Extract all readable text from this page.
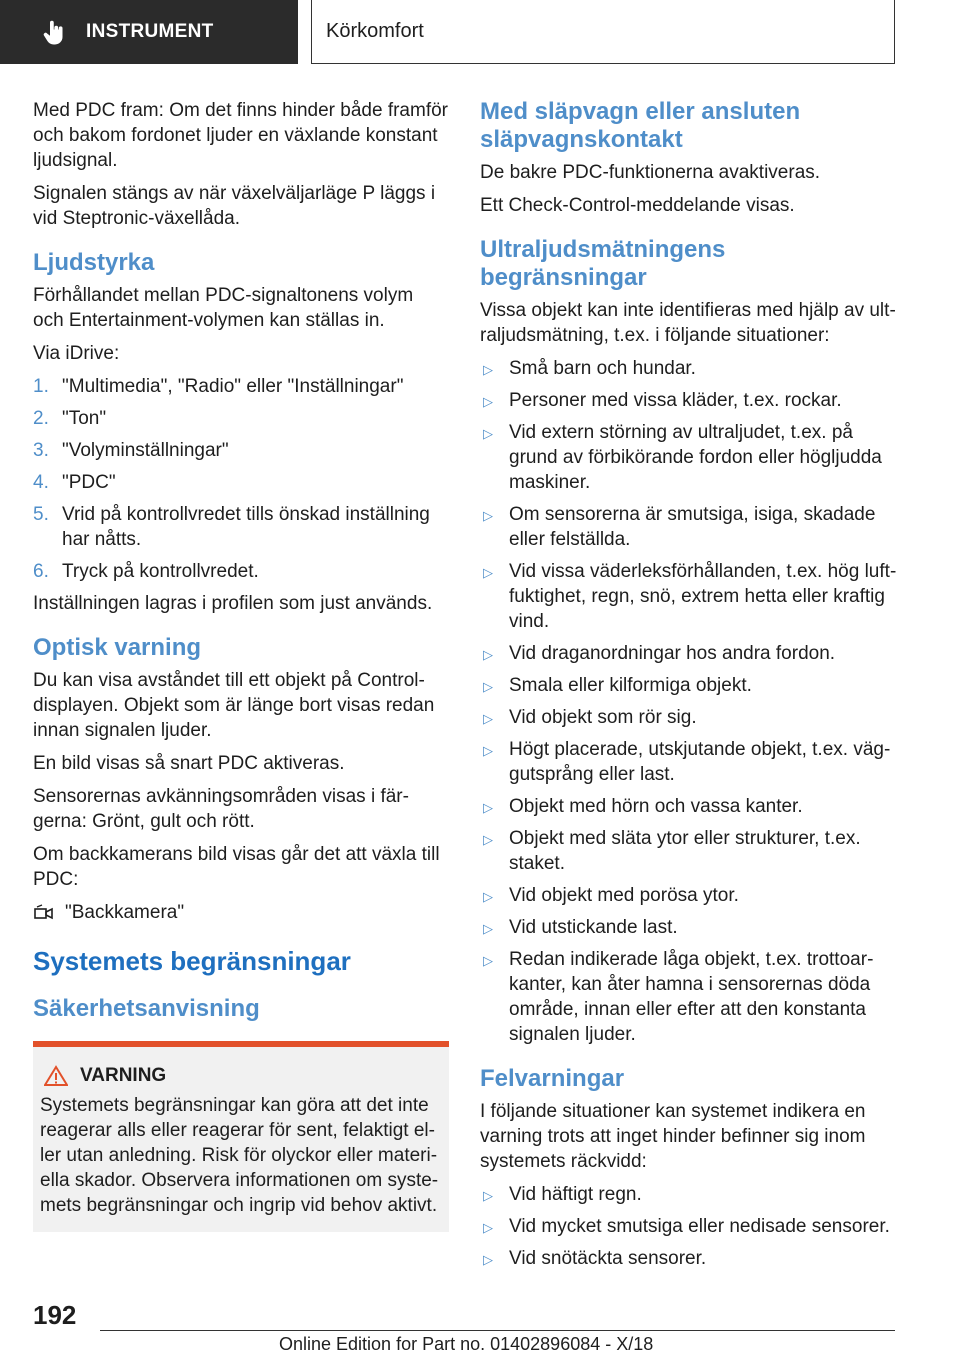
INSTRUMENT	Körkomfort

Med PDC fram: Om det finns hinder både framför och bakom fordonet ljuder en växlande konstant ljudsignal.

Signalen stängs av när växelväljarläge P läggs i vid Steptronic-växellåda.

Ljudstyrka

Förhållandet mellan PDC-signaltonens volym och Entertainment-volymen kan ställas in.

Via iDrive:

1. "Multimedia", "Radio" eller "Inställningar"
2. "Ton"
3. "Volyminställningar"
4. "PDC"
5. Vrid på kontrollvredet tills önskad inställning har nåtts.
6. Tryck på kontrollvredet.

Inställningen lagras i profilen som just används.

Optisk varning

Du kan visa avståndet till ett objekt på Control-displayen. Objekt som är länge bort visas redan innan signalen ljuder.

En bild visas så snart PDC aktiveras.

Sensorernas avkänningsområden visas i färgerna: Grönt, gult och rött.

Om backkamerans bild visas går det att växla till PDC:

"Backkamera"
Systemets begränsningar
Säkerhetsanvisning
VARNING

Systemets begränsningar kan göra att det inte reagerar alls eller reagerar för sent, felaktigt eller utan anledning. Risk för olyckor eller materiella skador. Observera informationen om systemets begränsningar och ingrip vid behov aktivt.

Med släpvagn eller ansluten släpvagnskontakt

De bakre PDC-funktionerna avaktiveras.

Ett Check-Control-meddelande visas.

Ultraljudsmätningens begränsningar

Vissa objekt kan inte identifieras med hjälp av ultraljudsmätning, t.ex. i följande situationer:

▷ Små barn och hundar.
▷ Personer med vissa kläder, t.ex. rockar.
▷ Vid extern störning av ultraljudet, t.ex. på grund av förbikörande fordon eller högljudda maskiner.
▷ Om sensorerna är smutsiga, isiga, skadade eller felställda.
▷ Vid vissa väderleksförhållanden, t.ex. hög luftfuktighet, regn, snö, extrem hetta eller kraftig vind.
▷ Vid draganordningar hos andra fordon.
▷ Smala eller kilformiga objekt.
▷ Vid objekt som rör sig.
▷ Högt placerade, utskjutande objekt, t.ex. väggutsprång eller last.
▷ Objekt med hörn och vassa kanter.
▷ Objekt med släta ytor eller strukturer, t.ex. staket.
▷ Vid objekt med porösa ytor.
▷ Vid utstickande last.
▷ Redan indikerade låga objekt, t.ex. trottoarkanter, kan åter hamna i sensorernas döda område, innan eller efter att den konstanta signalen ljuder.
Felvarningar

I följande situationer kan systemet indikera en varning trots att inget hinder befinner sig inom systemets räckvidd:

▷ Vid häftigt regn.
▷ Vid mycket smutsiga eller nedisade sensorer.
▷ Vid snötäckta sensorer.
192
Online Edition for Part no. 01402896084 - X/18
